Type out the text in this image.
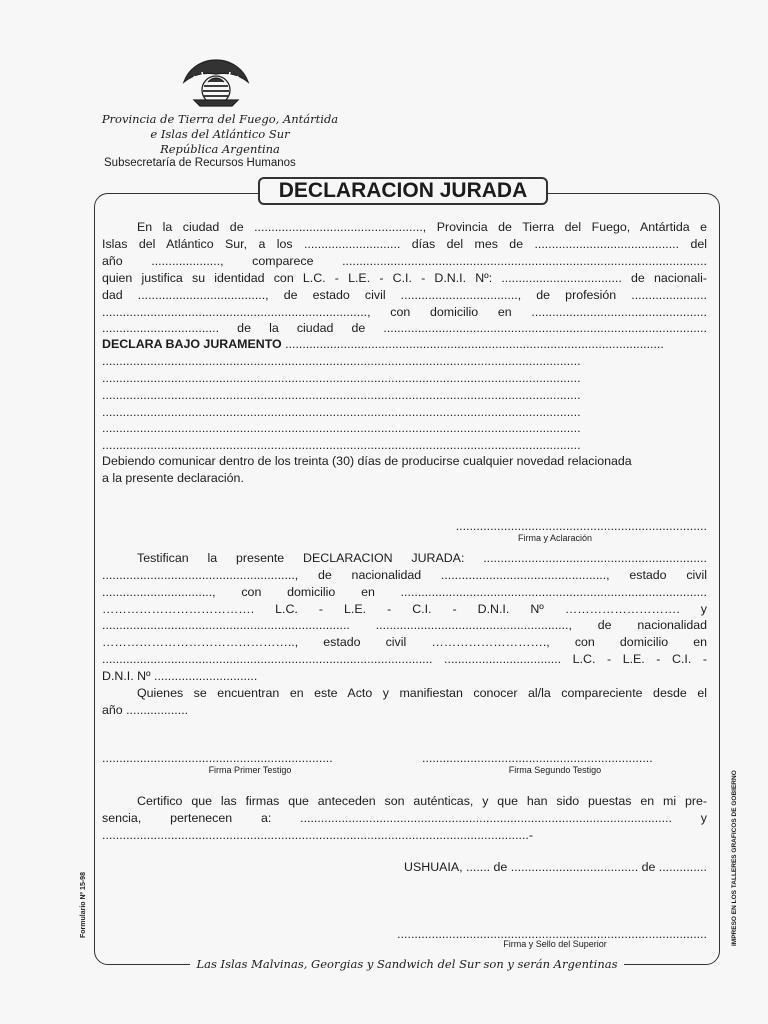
Provincia de Tierra del Fuego, Antártida
e Islas del Atlántico Sur
República Argentina
Subsecretaría de Recursos Humanos
DECLARACION JURADA
En la ciudad de ................................................., Provincia de Tierra del Fuego, Antártida e
Islas del Atlántico Sur, a los ............................ días del mes de .......................................... del
año ...................., comparece ..........................................................................................................
quien justifica su identidad con L.C. - L.E. - C.I. - D.N.I. Nº: ................................... de nacionali-
dad ....................................., de estado civil .................................., de profesión ......................
............................................................................., con domicilio en ...................................................
.................................. de la ciudad de ..............................................................................................
DECLARA BAJO JURAMENTO ..............................................................................................................
...........................................................................................................................................
...........................................................................................................................................
...........................................................................................................................................
...........................................................................................................................................
...........................................................................................................................................
...........................................................................................................................................
Debiendo comunicar dentro de los treinta (30) días de producirse cualquier novedad relacionada
a la presente declaración.
.........................................................................
Firma y Aclaración
Testifican la presente DECLARACION JURADA: .................................................................
........................................................, de nacionalidad ................................................, estado civil
................................, con domicilio en .........................................................................................
………………………………. L.C. - L.E. - C.I. - D.N.I. Nº ………………………. y
........................................................................ ........................................................, de nacionalidad
……………………………………….., estado civil ………………………., con domicilio en
................................................................................................ .................................. L.C. - L.E. - C.I. -
D.N.I. Nº ..............................
Quienes se encuentran en este Acto y manifiestan conocer al/la compareciente desde el
año ..................
...................................................................	...................................................................
Firma Primer Testigo	Firma Segundo Testigo
Certifico que las firmas que anteceden son auténticas, y que han sido puestas en mi pre-
sencia, pertenecen a: ............................................................................................................ y
............................................................................................................................-
USHUAIA, ....... de ..................................... de ..............
..........................................................................................
Firma y Sello del Superior
Las Islas Malvinas, Georgias y Sandwich del Sur son y serán Argentinas
Formulario Nº 15-98	IMPRESO EN LOS TALLERES GRAFICOS DE GOBIERNO
